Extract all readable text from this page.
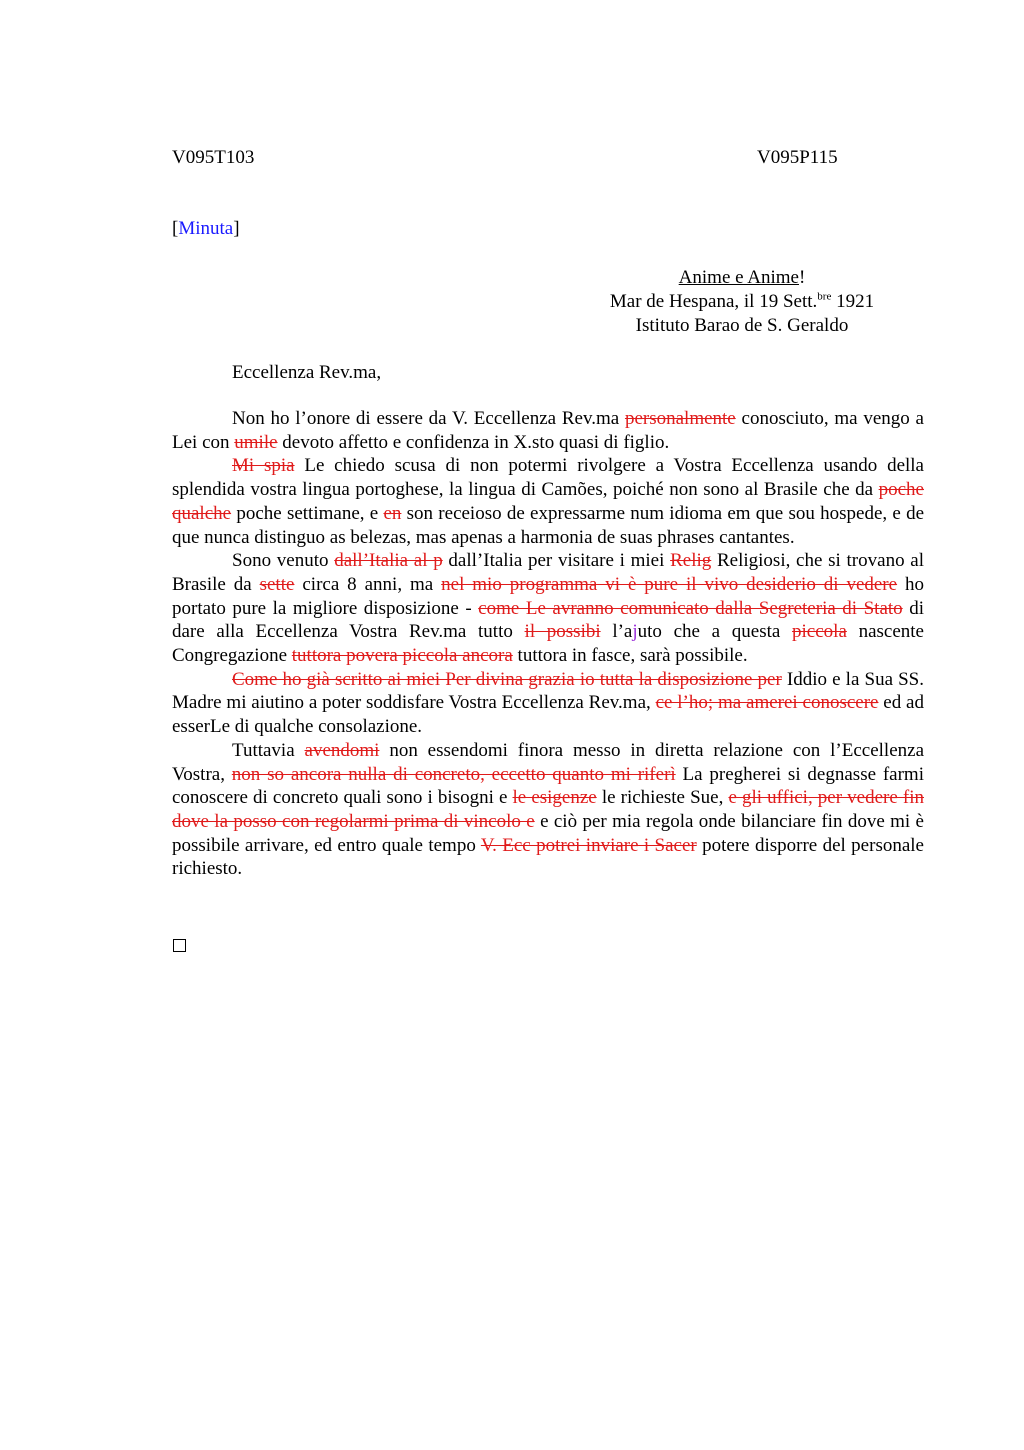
V095T103	V095P115
[Minuta]
Anime e Anime!
Mar de Hespana, il 19 Sett.$^{bre}$ 1921
Istituto Barao de S. Geraldo
Eccellenza Rev.ma,

Non ho l’onore di essere da V. Eccellenza Rev.ma personalmente conosciuto, ma vengo a Lei con umile devoto affetto e confidenza in X.sto quasi di figlio.

Mi spia Le chiedo scusa di non potermi rivolgere a Vostra Eccellenza usando della splendida vostra lingua portoghese, la lingua di Camões, poiché non sono al Brasile che da poche qualche poche settimane, e en son receioso de expressarme num idioma em que sou hospede, e de que nunca distinguo as belezas, mas apenas a harmonia de suas phrases cantantes.

Sono venuto dall’Italia al p dall’Italia per visitare i miei Relig Religiosi, che si trovano al Brasile da sette circa 8 anni, ma nel mio programma vi è pure il vivo desiderio di vedere ho portato pure la migliore disposizione - come Le avranno comunicato dalla Segreteria di Stato di dare alla Eccellenza Vostra Rev.ma tutto il possibi l’ajuto che a questa piccola nascente Congregazione tuttora povera piccola ancora tuttora in fasce, sarà possibile.

Come ho già scritto ai miei Per divina grazia io tutta la disposizione per Iddio e la Sua SS. Madre mi aiutino a poter soddisfare Vostra Eccellenza Rev.ma, ce l’ho; ma amerei conoscere ed ad esserLe di qualche consolazione.

Tuttavia avendomi non essendomi finora messo in diretta relazione con l’Eccellenza Vostra, non so ancora nulla di concreto, eccetto quanto mi riferì La pregherei si degnasse farmi conoscere di concreto quali sono i bisogni e le esigenze le richieste Sue, e gli uffici, per vedere fin dove la posso con regolarmi prima di vincolo e e ciò per mia regola onde bilanciare fin dove mi è possibile arrivare, ed entro quale tempo V. Ecc potrei inviare i Sacer potere disporre del personale richiesto.
